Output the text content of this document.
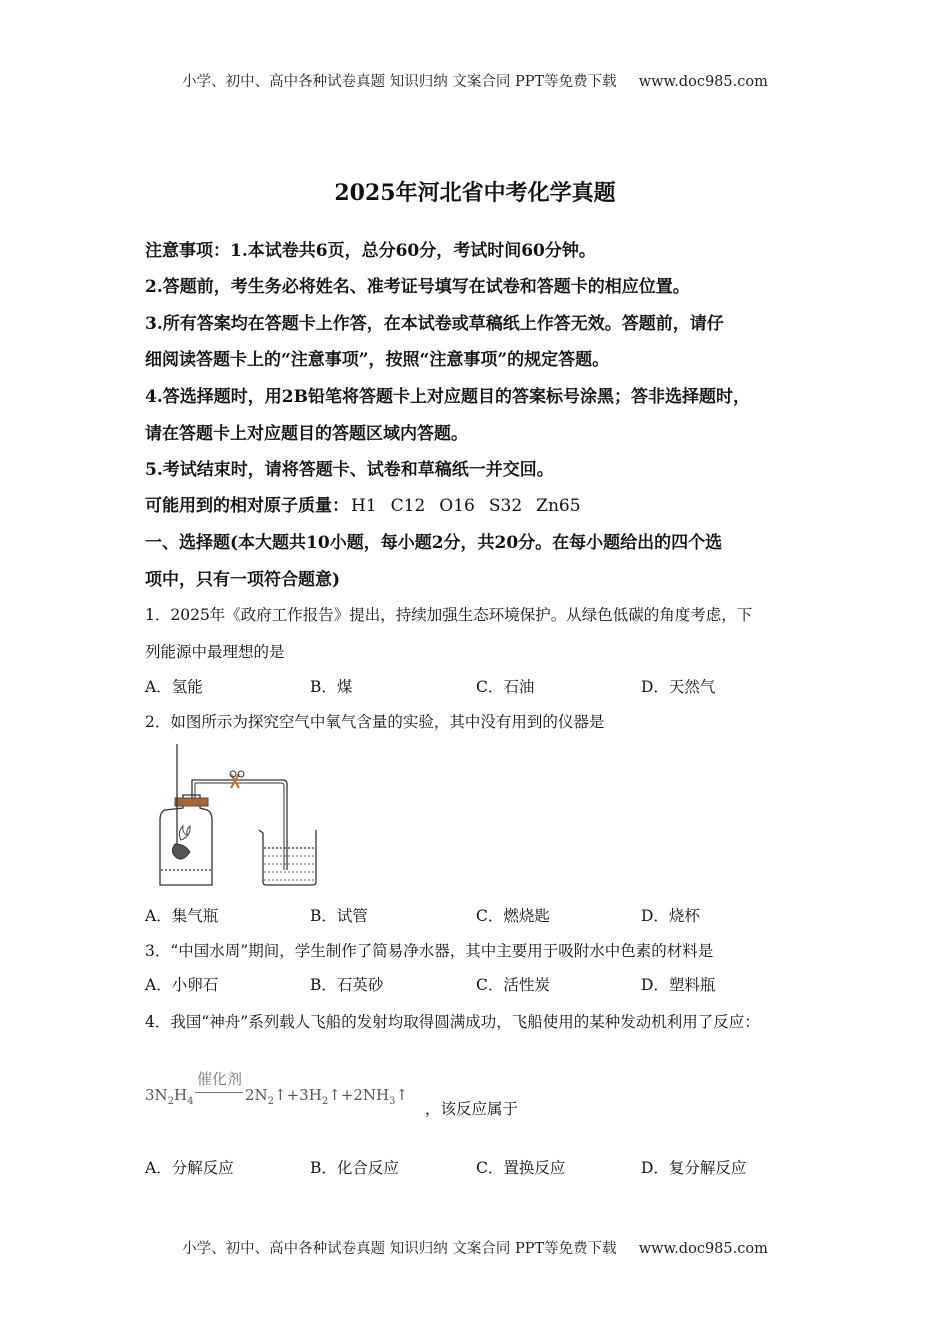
小学、初中、高中各种试卷真题 知识归纳 文案合同 PPT等免费下载 www.doc985.com
2025年河北省中考化学真题
注意事项：1.本试卷共6页，总分60分，考试时间60分钟。
2.答题前，考生务必将姓名、准考证号填写在试卷和答题卡的相应位置。
3.所有答案均在答题卡上作答，在本试卷或草稿纸上作答无效。答题前，请仔
细阅读答题卡上的“注意事项”，按照“注意事项”的规定答题。
4.答选择题时，用2B铅笔将答题卡上对应题目的答案标号涂黑；答非选择题时，
请在答题卡上对应题目的答题区域内答题。
5.考试结束时，请将答题卡、试卷和草稿纸一并交回。
可能用到的相对原子质量： H1 C12 O16 S32 Zn65
一、选择题(本大题共10小题，每小题2分，共20分。在每小题给出的四个选
项中，只有一项符合题意)
1．2025年《政府工作报告》提出，持续加强生态环境保护。从绿色低碳的角度考虑，下
列能源中最理想的是
A．氢能	B．煤	C．石油	D．天然气
2．如图所示为探究空气中氧气含量的实验，其中没有用到的仪器是
A．集气瓶	B．试管	C．燃烧匙	D．烧杯
3．“中国水周”期间，学生制作了简易净水器，其中主要用于吸附水中色素的材料是
A．小卵石	B．石英砂	C．活性炭	D．塑料瓶
4．我国“神舟”系列载人飞船的发射均取得圆满成功，飞船使用的某种发动机利用了反应：
催化剂
$3N_2H_4$	$2N_2↑+3H_2↑+2NH_3↑$
，该反应属于
A．分解反应	B．化合反应	C．置换反应	D．复分解反应
小学、初中、高中各种试卷真题 知识归纳 文案合同 PPT等免费下载 www.doc985.com
